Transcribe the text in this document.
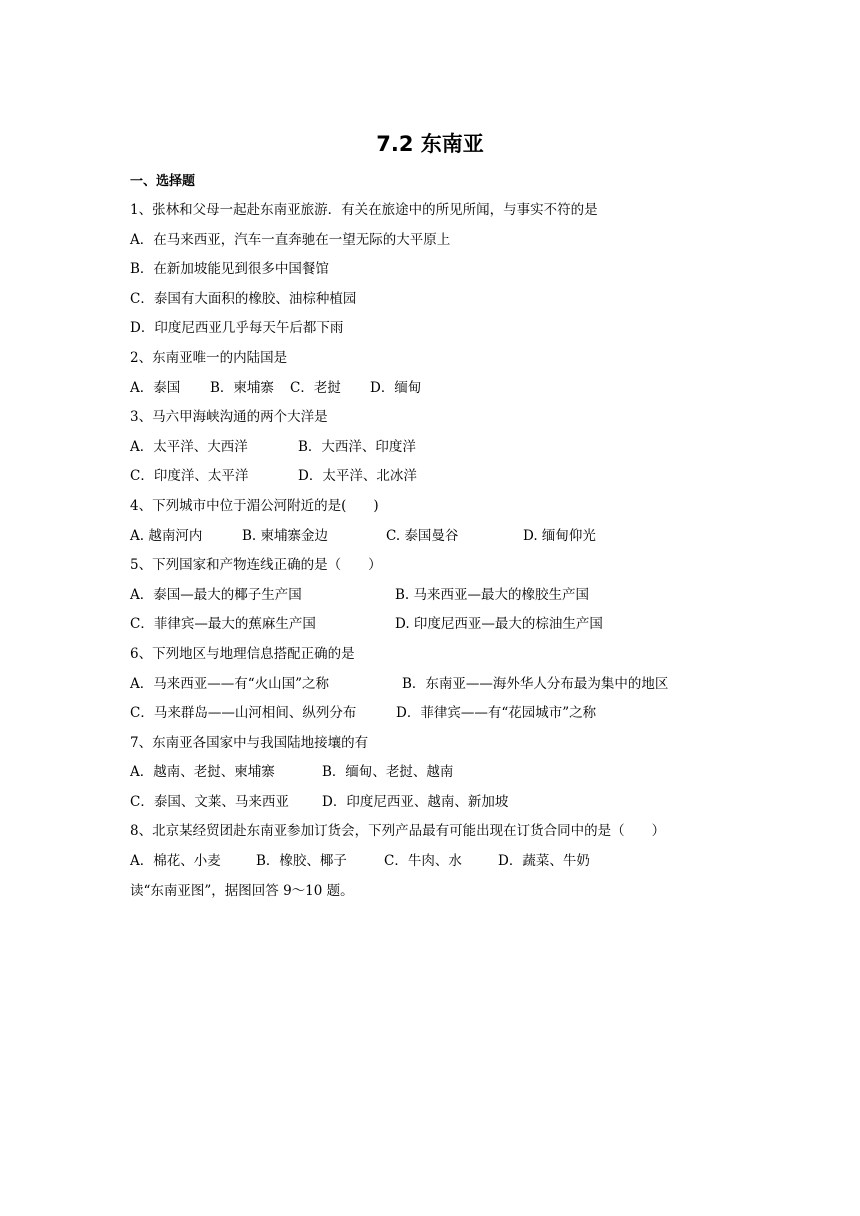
7.2 东南亚
一、选择题
1、张林和父母一起赴东南亚旅游．有关在旅途中的所见所闻，与事实不符的是
A．在马来西亚，汽车一直奔驰在一望无际的大平原上
B．在新加坡能见到很多中国餐馆
C．泰国有大面积的橡胶、油棕种植园
D．印度尼西亚几乎每天午后都下雨
2、东南亚唯一的内陆国是
A．泰国 B．柬埔寨 C．老挝 D．缅甸
3、马六甲海峡沟通的两个大洋是
A．太平洋、大西洋	B．大西洋、印度洋
C．印度洋、太平洋	D．太平洋、北冰洋
4、下列城市中位于湄公河附近的是(　　)
A. 越南河内	B. 柬埔寨金边	C. 泰国曼谷	D. 缅甸仰光
5、下列国家和产物连线正确的是（　　）
A．泰国—最大的椰子生产国	B. 马来西亚—最大的橡胶生产国
C．菲律宾—最大的蕉麻生产国	D. 印度尼西亚—最大的棕油生产国
6、下列地区与地理信息搭配正确的是
A．马来西亚——有“火山国”之称	B．东南亚——海外华人分布最为集中的地区
C．马来群岛——山河相间、纵列分布	D．菲律宾——有“花园城市”之称
7、东南亚各国家中与我国陆地接壤的有
A．越南、老挝、柬埔寨	B．缅甸、老挝、越南
C．泰国、文莱、马来西亚 D．印度尼西亚、越南、新加坡
8、北京某经贸团赴东南亚参加订货会，下列产品最有可能出现在订货合同中的是（　　）
A．棉花、小麦	B．橡胶、椰子	C．牛肉、水	D．蔬菜、牛奶
读“东南亚图”，据图回答 9～10 题。
